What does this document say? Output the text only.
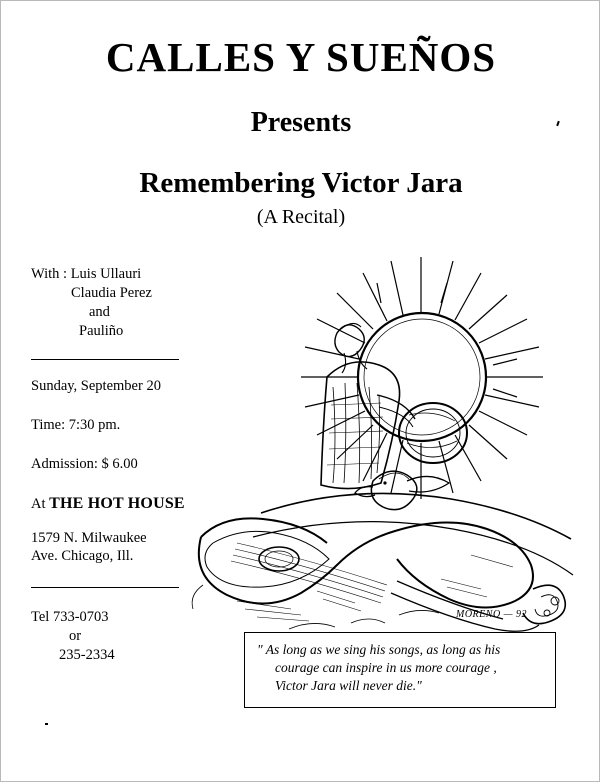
CALLES Y SUEÑOS
Presents
Remembering Victor Jara
(A Recital)
MORENO — 92
With : Luis Ullauri
Claudia Perez
and
Pauliño
Sunday, September 20
Time: 7:30 pm.
Admission: $ 6.00
At THE HOT HOUSE
1579 N. Milwaukee
Ave. Chicago, Ill.
Tel 733-0703
or
235-2334	" As long as we sing his songs, as long as his
courage can inspire in us more courage ,
Victor Jara will never die."
